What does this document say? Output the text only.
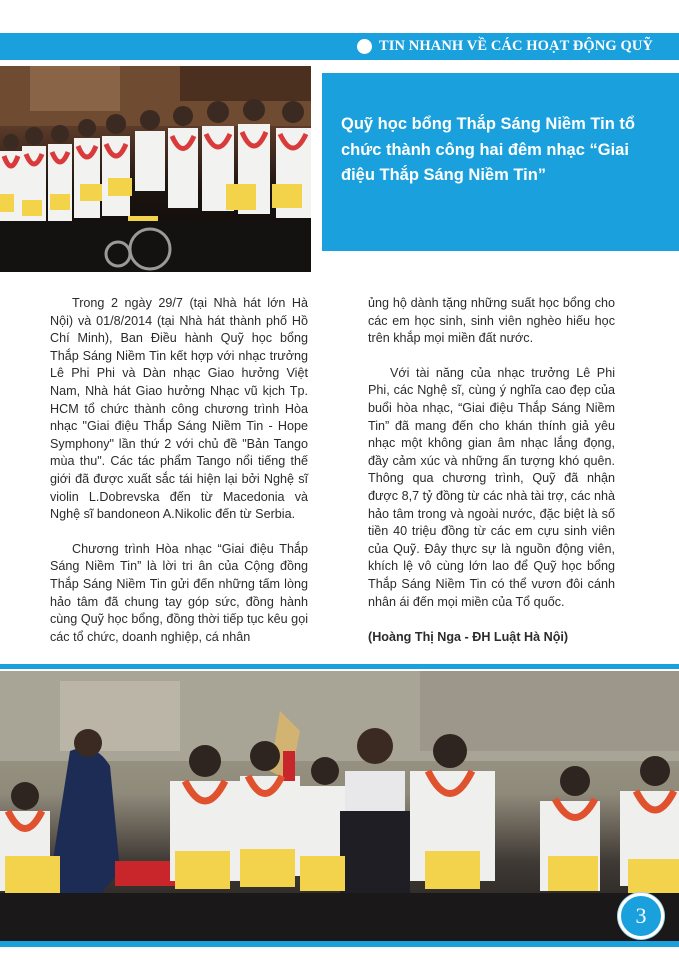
TIN NHANH VỀ CÁC HOẠT ĐỘNG QUỸ
Quỹ học bổng Thắp Sáng Niềm Tin tổ chức thành công hai đêm nhạc “Giai điệu Thắp Sáng Niềm Tin”

Trong 2 ngày 29/7 (tại Nhà hát lớn Hà Nội) và 01/8/2014 (tại Nhà hát thành phố Hồ Chí Minh), Ban Điều hành Quỹ học bổng Thắp Sáng Niềm Tin kết hợp với nhạc trưởng Lê Phi Phi và Dàn nhạc Giao hưởng Việt Nam, Nhà hát Giao hưởng Nhạc vũ kịch Tp. HCM tổ chức thành công chương trình Hòa nhạc "Giai điệu Thắp Sáng Niềm Tin - Hope Symphony" lần thứ 2 với chủ đề "Bản Tango mùa thu". Các tác phẩm Tango nổi tiếng thế giới đã được xuất sắc tái hiện lại bởi Nghệ sĩ violin L.Dobrevska đến từ Macedonia và Nghệ sĩ bandoneon A.Nikolic đến từ Serbia.

Chương trình Hòa nhạc “Giai điệu Thắp Sáng Niềm Tin” là lời tri ân của Cộng đồng Thắp Sáng Niềm Tin gửi đến những tấm lòng hảo tâm đã chung tay góp sức, đồng hành cùng Quỹ học bổng, đồng thời tiếp tục kêu gọi các tổ chức, doanh nghiệp, cá nhân

ủng hộ dành tặng những suất học bổng cho các em học sinh, sinh viên nghèo hiếu học trên khắp mọi miền đất nước.

Với tài năng của nhạc trưởng Lê Phi Phi, các Nghệ sĩ, cùng ý nghĩa cao đẹp của buổi hòa nhạc, “Giai điệu Thắp Sáng Niềm Tin” đã mang đến cho khán thính giả yêu nhạc một không gian âm nhạc lắng đọng, đầy cảm xúc và những ấn tượng khó quên. Thông qua chương trình, Quỹ đã nhận được 8,7 tỷ đồng từ các nhà tài trợ, các nhà hảo tâm trong và ngoài nước, đặc biệt là số tiền 40 triệu đồng từ các em cựu sinh viên của Quỹ. Đây thực sự là nguồn động viên, khích lệ vô cùng lớn lao để Quỹ học bổng Thắp Sáng Niềm Tin có thể vươn đôi cánh nhân ái đến mọi miền của Tổ quốc.

(Hoàng Thị Nga - ĐH Luật Hà Nội)

3
